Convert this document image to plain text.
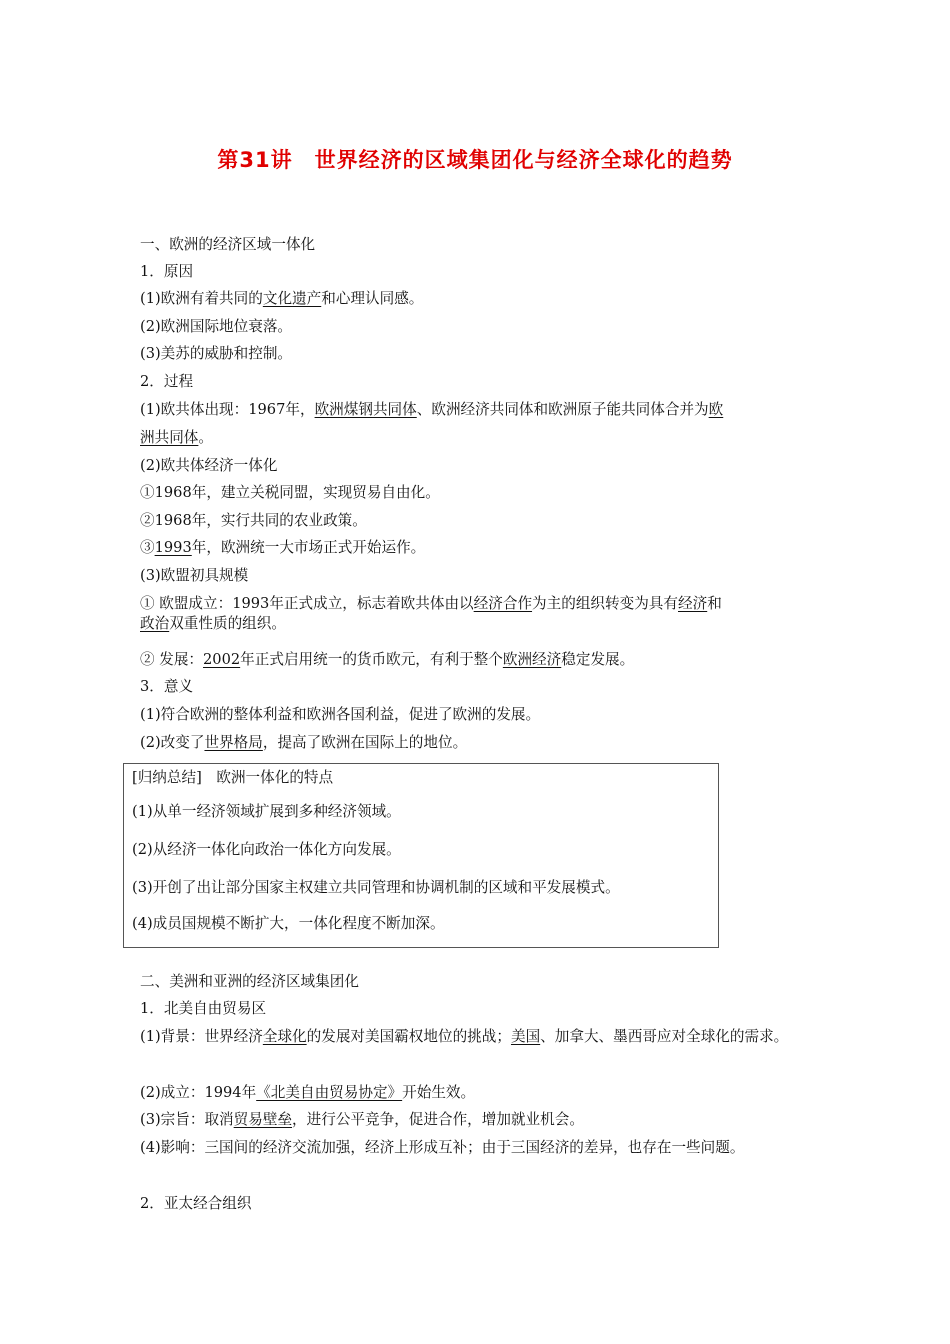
第31讲　世界经济的区域集团化与经济全球化的趋势
一、欧洲的经济区域一体化
1．原因
(1)欧洲有着共同的文化遗产和心理认同感。
(2)欧洲国际地位衰落。
(3)美苏的威胁和控制。
2．过程
(1)欧共体出现：1967年，欧洲煤钢共同体、欧洲经济共同体和欧洲原子能共同体合并为欧
洲共同体。
(2)欧共体经济一体化
①1968年，建立关税同盟，实现贸易自由化。
②1968年，实行共同的农业政策。
③1993年，欧洲统一大市场正式开始运作。
(3)欧盟初具规模
① 欧盟成立：1993年正式成立，标志着欧共体由以经济合作为主的组织转变为具有经济和
政治双重性质的组织。
② 发展：2002年正式启用统一的货币欧元，有利于整个欧洲经济稳定发展。
3．意义
(1)符合欧洲的整体利益和欧洲各国利益，促进了欧洲的发展。
(2)改变了世界格局，提高了欧洲在国际上的地位。
[归纳总结]　欧洲一体化的特点
(1)从单一经济领域扩展到多种经济领域。
(2)从经济一体化向政治一体化方向发展。
(3)开创了出让部分国家主权建立共同管理和协调机制的区域和平发展模式。
(4)成员国规模不断扩大，一体化程度不断加深。
二、美洲和亚洲的经济区域集团化
1．北美自由贸易区
(1)背景：世界经济全球化的发展对美国霸权地位的挑战；美国、加拿大、墨西哥应对全球化的需求。
(2)成立：1994年《北美自由贸易协定》开始生效。
(3)宗旨：取消贸易壁垒，进行公平竞争，促进合作，增加就业机会。
(4)影响：三国间的经济交流加强，经济上形成互补；由于三国经济的差异，也存在一些问题。
2．亚太经合组织
